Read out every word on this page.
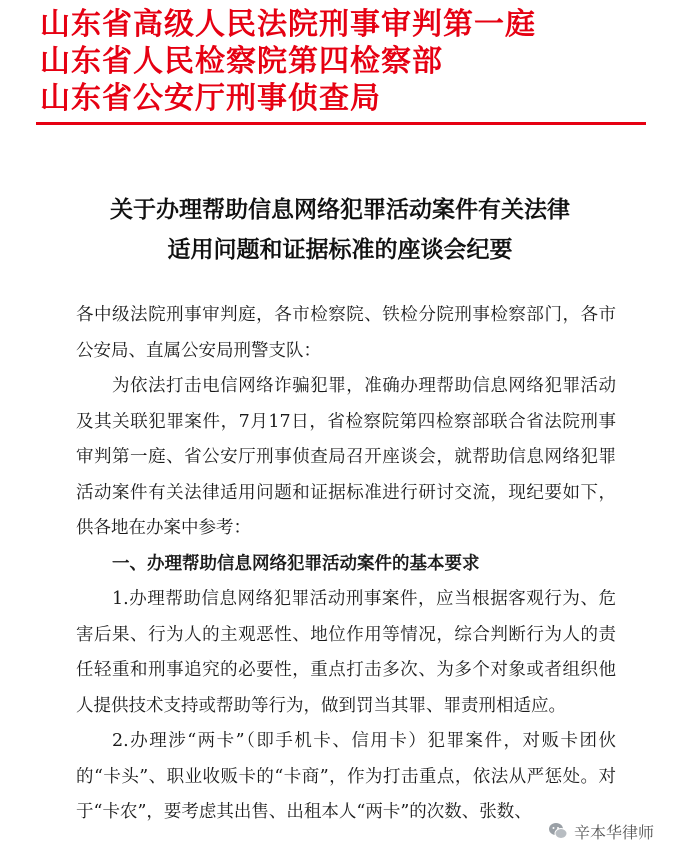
山东省高级人民法院刑事审判第一庭
山东省人民检察院第四检察部
山东省公安厅刑事侦查局
关于办理帮助信息网络犯罪活动案件有关法律
适用问题和证据标准的座谈会纪要

各中级法院刑事审判庭，各市检察院、铁检分院刑事检察部门，各市公安局、直属公安局刑警支队：

为依法打击电信网络诈骗犯罪，准确办理帮助信息网络犯罪活动及其关联犯罪案件，7月17日，省检察院第四检察部联合省法院刑事审判第一庭、省公安厅刑事侦查局召开座谈会，就帮助信息网络犯罪活动案件有关法律适用问题和证据标准进行研讨交流，现纪要如下，供各地在办案中参考：

一、办理帮助信息网络犯罪活动案件的基本要求

1.办理帮助信息网络犯罪活动刑事案件，应当根据客观行为、危害后果、行为人的主观恶性、地位作用等情况，综合判断行为人的责任轻重和刑事追究的必要性，重点打击多次、为多个对象或者组织他人提供技术支持或帮助等行为，做到罚当其罪、罪责刑相适应。

2.办理涉“两卡”（即手机卡、信用卡）犯罪案件，对贩卡团伙的“卡头”、职业收贩卡的“卡商”，作为打击重点，依法从严惩处。对于“卡农”，要考虑其出售、出租本人“两卡”的次数、张数、

辛本华律师
